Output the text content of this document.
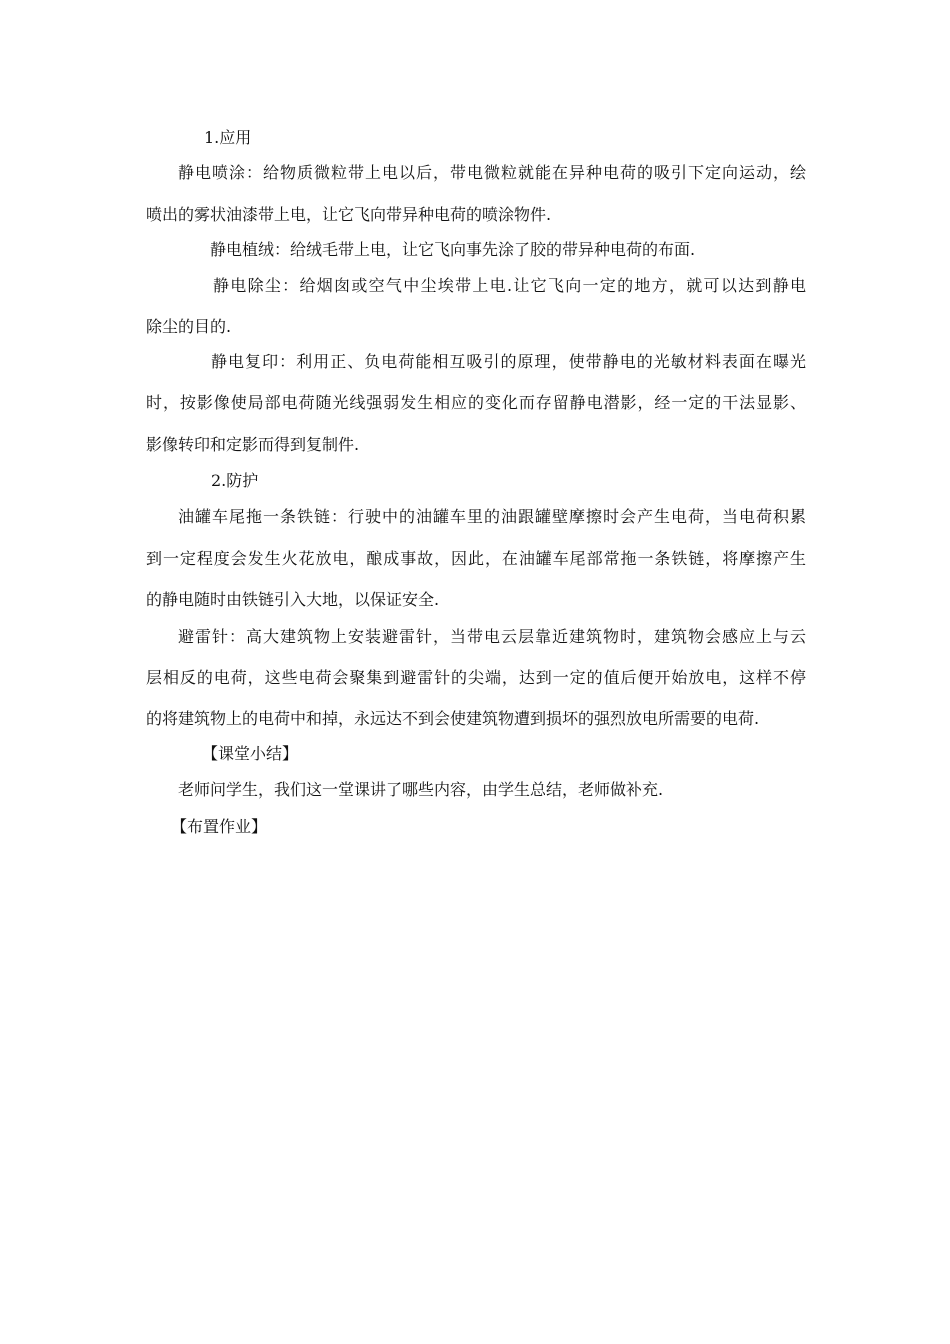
1.应用
静电喷涂：给物质微粒带上电以后，带电微粒就能在异种电荷的吸引下定向运动，绘
喷出的雾状油漆带上电，让它飞向带异种电荷的喷涂物件.
静电植绒：给绒毛带上电，让它飞向事先涂了胶的带异种电荷的布面.
静电除尘：给烟囱或空气中尘埃带上电.让它飞向一定的地方，就可以达到静电
除尘的目的.
静电复印：利用正、负电荷能相互吸引的原理，使带静电的光敏材料表面在曝光
时，按影像使局部电荷随光线强弱发生相应的变化而存留静电潜影，经一定的干法显影、
影像转印和定影而得到复制件.
2.防护
油罐车尾拖一条铁链：行驶中的油罐车里的油跟罐壁摩擦时会产生电荷，当电荷积累
到一定程度会发生火花放电，酿成事故，因此，在油罐车尾部常拖一条铁链，将摩擦产生
的静电随时由铁链引入大地，以保证安全.
避雷针：高大建筑物上安装避雷针，当带电云层靠近建筑物时，建筑物会感应上与云
层相反的电荷，这些电荷会聚集到避雷针的尖端，达到一定的值后便开始放电，这样不停
的将建筑物上的电荷中和掉，永远达不到会使建筑物遭到损坏的强烈放电所需要的电荷.
【课堂小结】
老师问学生，我们这一堂课讲了哪些内容，由学生总结，老师做补充.
【布置作业】
